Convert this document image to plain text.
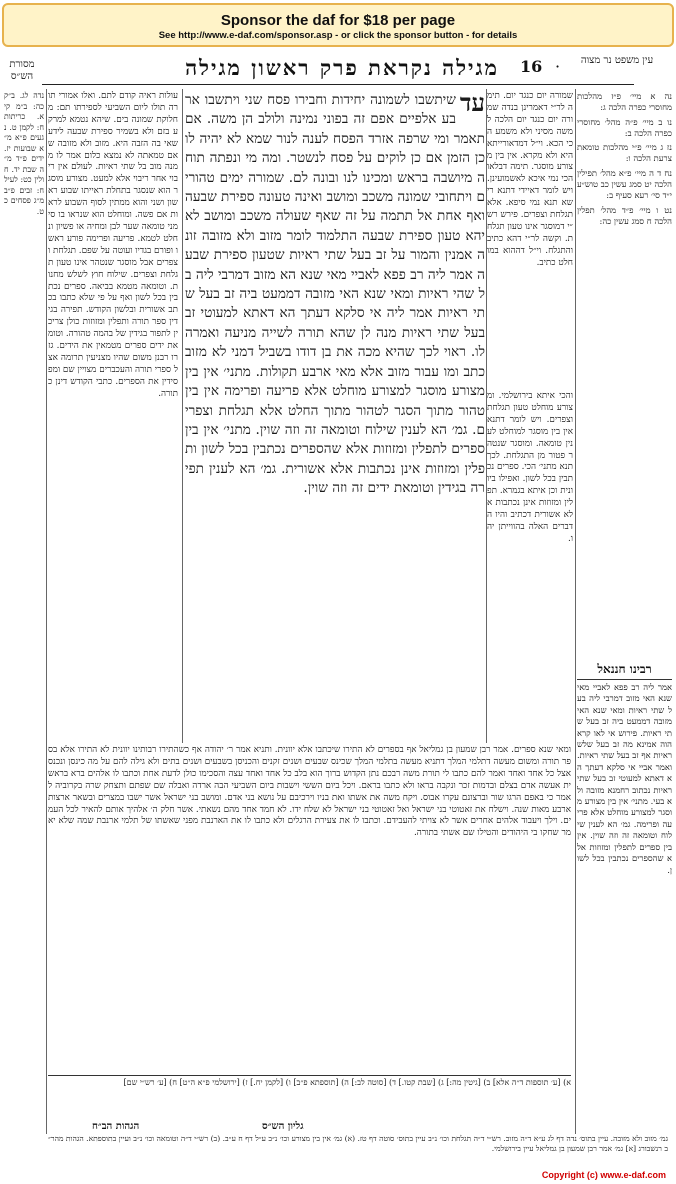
Sponsor the daf for $18 per page
See http://www.e-daf.com/sponsor.asp - or click the sponsor button - for details
מסורת הש״ס	מגילה נקראת פרק ראשון מגילה	16 ·	עין משפט נר מצוה

נדה לג. ב״ק כה: ב״מ קיא. כריתות ח: לקמן ט. נגעים פ״א מ״א שבועות יז. ידים פ״ד מ״ה שבת יד. חולין כט: לעיל ח: זבים פ״ב מ״ג פסחים כט.

עולות ראיה קודם לתם. ואלו אמורי תורה תולו ליום השביעי לספירתו תם: מחלוקת שמונה בים. שיהא נטמא למרקע בזם ולא בשמיר ספירת שבעה לידע שאי בה הזבה היא. מזוב ולא מזובה שאם טמאתה לא נמצא כלום אמר לו ממנה מוב בל שתי ראיות. לעולם אין ריבוי אחר ריבוי אלא למעט. מצורע מוסגר הוא שנסגר בתחלת ראייתו שבוע ראשון ושני והוא ממתין לסוף השבוע לראות אם פשה. ומוחלט הוא שנראו בו סימני טומאה שער לבן ומחיה או פשיון ונחלט לטמא. פריעה ופרימה פורע ראשו ופורם בגדיו ועוטה על שפם. תגלחת וצפרים אבל מוסגר שנטהר אינו טעון תגלחת וצפרים. שילוח חוץ לשלש מחנות. וטומאה מטמא בביאה. ספרים נכתבין בכל לשון ואף על פי שלא כתבו בכתב אשורית ובלשון הקודש. תפירה בגידין ספר תורה ותפלין ומזוזות כולן צריכין לתפור בגידין של בהמה טהורה. וטומאת ידים ספרים מטמאין את הידים. גזרו רבנן משום שהיו מצניעין תרומה אצל ספרי תורה והעכברים מצויין שם ומפסידין את הספרים. כתבי הקודש דינן כתורה.

עד

שיתשבו לשמונה יחידות וחבירו פסח שני ויתשבו ארבע אלפיים אפם זה בפוני נמינה ולולב הן משה. אם תאמר ומי שרפה אזרד הפסח לענה לנור שמא לא יהיה לו כן הזמן אם כן לוקים על פסח לנשטר. ומה מי ונפתה תוחה מיושבה בראש ומכינו לנו ובונה לם. שמורה ימים טהורים ויתחובי שמונה משכב ומושב ואינה טעונה ספירת שבעה ואף אחת אל תתמה על זה שאף שעולה משכב ומושב לא יהא טעון ספירת שבעה התלמוד לומר מזוב ולא מזובה זונה אמנין והמור על זב בעל שתי ראיות שטעון ספירת שבעה אמר ליה רב פפא לאביי מאי שנא הא מזוב דמרבי ליה בל שהי ראיות ומאי שנא האי מזובה דממעט ביה זב בעל שתי ראיות אמר ליה אי סלקא דעתך הא דאתא למעוטי זב בעל שתי ראיות מנה לן שהא תורה לשייה מניעה ואמרה לו. ראוי לכך שהיא מכה את בן דודו בשביל דמני לא מזוב כתב ומו עבור מזוב אלא מאי ארבע תקולות. מתני׳ אין בין מצורע מוסגר למצורע מוחלט אלא פריעה ופרימה אין בין טהור מתוך הסגר לטהור מתוך החלט אלא תגלחת וצפרים. גמ׳ הא לענין שילוח וטומאה זה וזה שוין. מתני׳ אין בין ספרים לתפלין ומזוזות אלא שהספרים נכתבין בכל לשון ותפלין ומזוזות אינן נכתבות אלא אשורית. גמ׳ הא לענין תפירה בגידין וטומאת ידים זה וזה שוין.

שמורה יום כנגד יום. תימה לר״י דאמרינן בנדה שמורה יום כנגד יום הלכה למשה מסיני ולא משמע הכי הכא. וי״ל דמדאורייתא היא ולא מקרא. אין בין מצורע מוסגר. תימה דבלאו הכי נמי איכא לאשמועינן. ויש לומר דאיידי דתנא רישא תנא נמי סיפא. אלא תגלחת וצפרים. פירש רש״י דמוסגר אינו טעון תגלחת. וקשה לר״י דהא כתיב והתגלח. וי״ל דההוא במוחלט כתיב.

והכי איתא בירושלמי. ומצורע מוחלט טעון תגלחת וצפרים. ויש לומר דתנא אין בין מוסגר למוחלט לענין טומאה. ומוסגר שנטהר פטור מן התגלחת. לכך תנא מתני׳ הכי. ספרים נכתבין בכל לשון. ואפילו ביוונית וכן איתא בגמרא. תפלין ומזוזות אינן נכתבות אלא אשורית דכתיב והיו הדברים האלה בהווייתן יהו.

נה א מיי׳ פ״ז מהלכות מחוסרי כפרה הלכה ג:
נו ב מיי׳ פ״ה מהל׳ מחוסרי כפרה הלכה ב:
נז ג מיי׳ פ״י מהלכות טומאת צרעת הלכה ו:
נח ד ה מיי׳ פ״א מהל׳ תפילין הלכה יט סמג עשין כב טוש״ע י״ד סי׳ רעא סעיף ב:
נט ו מיי׳ פ״ד מהל׳ תפלין הלכה ח סמג עשין כה:
רבינו חננאל
אמר ליה רב פפא לאביי מאי שנא האי מזוב דמרבי ליה בעל שתי ראיות ומאי שנא האי מזובה דממעט ביה זב בעל שתי ראיות. פירוש אי לאו קרא הוה אמינא מה זב בעל שלש ראיות אף זב בעל שתי ראיות. ואמר אביי אי סלקא דעתך הא דאתא למעוטי זב בעל שתי ראיות נכתוב רחמנא מזובה ולא בעי. מתני׳ אין בין מצורע מוסגר למצורע מוחלט אלא פריעה ופרימה. גמ׳ הא לענין שילוח וטומאה זה וזה שוין. אין בין ספרים לתפלין ומזוזות אלא שהספרים נכתבין בכל לשון.

ומאי שנא ספרים. אמר רבן שמעון בן גמליאל אף בספרים לא התירו שיכתבו אלא יוונית. ותניא אמר ר׳ יהודה אף כשהתירו רבותינו יוונית לא התירו אלא בספר תורה ומשום מעשה דתלמי המלך דתניא מעשה בתלמי המלך שכינס שבעים ושנים זקנים והכניסן בשבעים ושנים בתים ולא גילה להם על מה כינסן ונכנס אצל כל אחד ואחד ואמר להם כתבו לי תורת משה רבכם נתן הקדוש ברוך הוא בלב כל אחד ואחד עצה והסכימו כולן לדעת אחת וכתבו לו אלהים ברא בראשית אעשה אדם בצלם ובדמות זכר ונקבה בראו ולא כתבו בראם. ויכל ביום הששי וישבות ביום השביעי הבה ארדה ואבלה שם שפתם ותצחק שרה בקרוביה לאמר כי באפם הרגו שור וברצונם עקרו אבוס. ויקח משה את אשתו ואת בניו וירכיבם על נושא בני אדם. ומושב בני ישראל אשר ישבו במצרים ובשאר ארצות ארבע מאות שנה. וישלח את זאטוטי בני ישראל ואל זאטוטי בני ישראל לא שלח ידו. לא חמד אחד מהם נשאתי. אשר חלק ה׳ אלהיך אותם להאיר לכל העמים. וילך ויעבוד אלהים אחרים אשר לא צויתי להעבידם. וכתבו לו את צעירת הרגלים ולא כתבו לו את הארנבת מפני שאשתו של תלמי ארנבת שמה שלא יאמר שחקו בי היהודים והטילו שם אשתי בתורה.

א) [ע׳ תוספות ד״ה אלא] ב) [גיטין מה:] ג) [שבת קטו.] ד) [סוטה לב:] ה) [תוספתא פ״ב] ו) [לקמן יח.] ז) [ירושלמי פ״א ה״ט] ח) [ע׳ רש״י שם]

גליון הש״ס
הגהות הב״ח

גמ׳ מזוב ולא מזובה. עיין בתוס׳ נדה דף לג ע״א ד״ה מזוב. רש״י ד״ה תגלחת וכו׳ נ״ב עיין בתוס׳ סוטה דף טז. (א) גמ׳ אין בין מצורע וכו׳ נ״ב ע״ל דף ח ע״ב. (ב) רש״י ד״ה וטומאה וכו׳ נ״ב ועיין בתוספתא. הגהות מהר״ב רנשבורג [א] גמ׳ אמר רבן שמעון בן גמליאל עיין בירושלמי.

Copyright (c) www.e-daf.com
